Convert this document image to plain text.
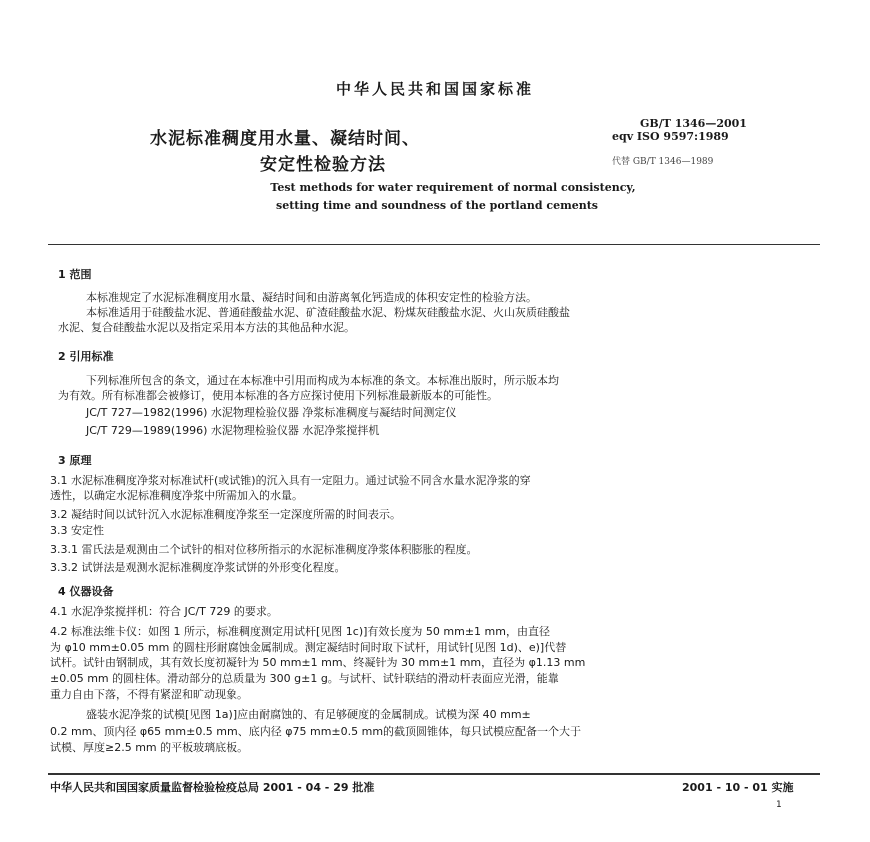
中华人民共和国国家标准
水泥标准稠度用水量、凝结时间、
安定性检验方法
GB/T 1346—2001
eqv ISO 9597:1989
代替 GB/T 1346—1989
Test methods for water requirement of normal consistency,
setting time and soundness of the portland cements
1 范围
本标准规定了水泥标准稠度用水量、凝结时间和由游离氧化钙造成的体积安定性的检验方法。
本标准适用于硅酸盐水泥、普通硅酸盐水泥、矿渣硅酸盐水泥、粉煤灰硅酸盐水泥、火山灰质硅酸盐
水泥、复合硅酸盐水泥以及指定采用本方法的其他品种水泥。
2 引用标准
下列标准所包含的条文，通过在本标准中引用而构成为本标准的条文。本标准出版时，所示版本均
为有效。所有标准都会被修订，使用本标准的各方应探讨使用下列标准最新版本的可能性。
JC/T 727—1982(1996) 水泥物理检验仪器 净浆标准稠度与凝结时间测定仪
JC/T 729—1989(1996) 水泥物理检验仪器 水泥净浆搅拌机
3 原理
3.1 水泥标准稠度净浆对标准试杆(或试锥)的沉入具有一定阻力。通过试验不同含水量水泥净浆的穿
透性，以确定水泥标准稠度净浆中所需加入的水量。
3.2 凝结时间以试针沉入水泥标准稠度净浆至一定深度所需的时间表示。
3.3 安定性
3.3.1 雷氏法是观测由二个试针的相对位移所指示的水泥标准稠度净浆体积膨胀的程度。
3.3.2 试饼法是观测水泥标准稠度净浆试饼的外形变化程度。
4 仪器设备
4.1 水泥净浆搅拌机：符合 JC/T 729 的要求。
4.2 标准法维卡仪：如图 1 所示，标准稠度测定用试杆[见图 1c)]有效长度为 50 mm±1 mm，由直径
为 φ10 mm±0.05 mm 的圆柱形耐腐蚀金属制成。测定凝结时间时取下试杆，用试针[见图 1d)、e)]代替
试杆。试针由钢制成，其有效长度初凝针为 50 mm±1 mm、终凝针为 30 mm±1 mm，直径为 φ1.13 mm
±0.05 mm 的圆柱体。滑动部分的总质量为 300 g±1 g。与试杆、试针联结的滑动杆表面应光滑，能靠
重力自由下落，不得有紧涩和旷动现象。
盛装水泥净浆的试模[见图 1a)]应由耐腐蚀的、有足够硬度的金属制成。试模为深 40 mm±
0.2 mm、顶内径 φ65 mm±0.5 mm、底内径 φ75 mm±0.5 mm的截顶圆锥体，每只试模应配备一个大于
试模、厚度≥2.5 mm 的平板玻璃底板。
中华人民共和国国家质量监督检验检疫总局 2001 - 04 - 29 批准	2001 - 10 - 01 实施
1
